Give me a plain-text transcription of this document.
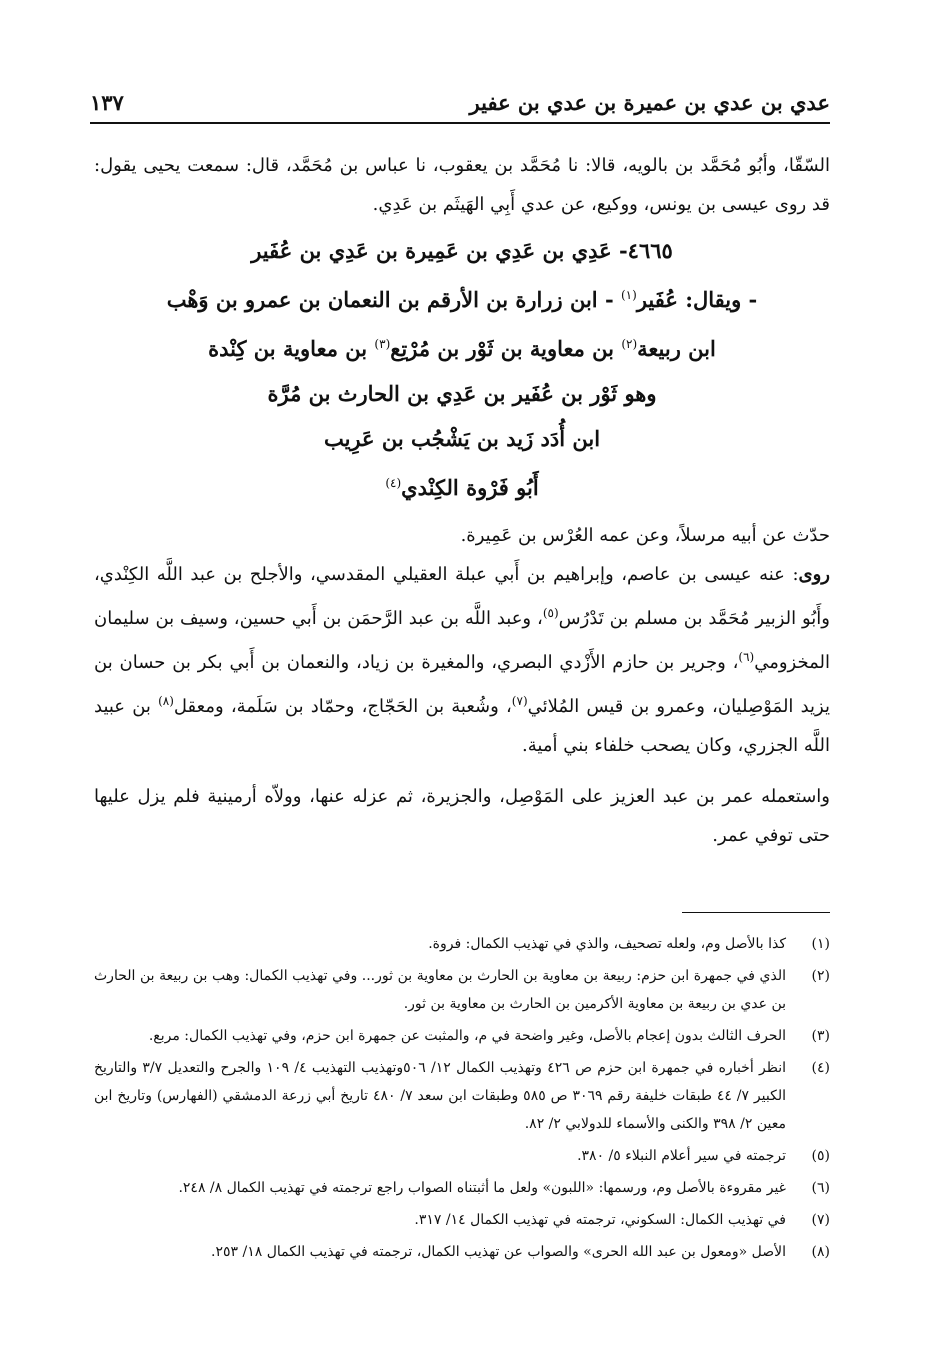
عدي بن عدي بن عميرة بن عدي بن عفير
١٣٧

السّقّا، وأبُو مُحَمَّد بن بالويه، قالا: نا مُحَمَّد بن يعقوب، نا عباس بن مُحَمَّد، قال: سمعت يحيى يقول: قد روى عيسى بن يونس، ووكيع، عن عدي أَبِي الهَيثَم بن عَدِي.

٤٦٦٥- عَدِي بن عَدِي بن عَمِيرة بن عَدِي بن عُفَير
- ويقال: عُفَير$^{(١)}$ - ابن زرارة بن الأرقم بن النعمان بن عمرو بن وَهْب
ابن ربيعة$^{(٢)}$ بن معاوية بن ثَوْر بن مُرْتِع$^{(٣)}$ بن معاوية بن كِنْدة
وهو ثَوْر بن عُفَير بن عَدِي بن الحارث بن مُرَّة
ابن أُدَد زَيد بن يَشْجُب بن عَرِيب
أَبُو فَرْوة الكِنْدي$^{(٤)}$

حدّث عن أبيه مرسلاً، وعن عمه العُرْس بن عَمِيرة.

روى: عنه عيسى بن عاصم، وإبراهيم بن أَبي عبلة العقيلي المقدسي، والأجلح بن عبد اللَّه الكِنْدي، وأَبُو الزبير مُحَمَّد بن مسلم بن تَدْرُس$^{(٥)}$، وعبد اللَّه بن عبد الرَّحمَن بن أَبي حسين، وسيف بن سليمان المخزومي$^{(٦)}$، وجرير بن حازم الأَزْدي البصري، والمغيرة بن زياد، والنعمان بن أَبي بكر بن حسان بن يزيد المَوْصِليان، وعمرو بن قيس المُلائي$^{(٧)}$، وشُعبة بن الحَجّاج، وحمّاد بن سَلَمة، ومعقل$^{(٨)}$ بن عبيد اللَّه الجزري، وكان يصحب خلفاء بني أمية.

واستعمله عمر بن عبد العزيز على المَوْصِل، والجزيرة، ثم عزله عنها، وولاّه أرمينية فلم يزل عليها حتى توفي عمر.

(١)
كذا بالأصل وم، ولعله تصحيف، والذي في تهذيب الكمال: فروة.
(٢)
الذي في جمهرة ابن حزم: ربيعة بن معاوية بن الحارث بن معاوية بن ثور... وفي تهذيب الكمال: وهب بن ربيعة بن الحارث بن عدي بن ربيعة بن معاوية الأكرمين بن الحارث بن معاوية بن ثور.
(٣)
الحرف الثالث بدون إعجام بالأصل، وغير واضحة في م، والمثبت عن جمهرة ابن حزم، وفي تهذيب الكمال: مربع.
(٤)
انظر أخباره في جمهرة ابن حزم ص ٤٢٦ وتهذيب الكمال ١٢/ ٥٠٦وتهذيب التهذيب ٤/ ١٠٩ والجرح والتعديل ٣/٧ والتاريخ الكبير ٧/ ٤٤ طبقات خليفة رقم ٣٠٦٩ ص ٥٨٥ وطبقات ابن سعد ٧/ ٤٨٠ تاريخ أبي زرعة الدمشقي (الفهارس) وتاريخ ابن معين ٢/ ٣٩٨ والكنى والأسماء للدولابي ٢/ ٨٢.
(٥)
ترجمته في سير أعلام النبلاء ٥/ ٣٨٠.
(٦)
غير مقروءة بالأصل وم، ورسمها: «اللبون» ولعل ما أثبتناه الصواب راجع ترجمته في تهذيب الكمال ٨/ ٢٤٨.
(٧)
في تهذيب الكمال: السكوني، ترجمته في تهذيب الكمال ١٤/ ٣١٧.
(٨)
الأصل «ومعول بن عبد الله الحرى» والصواب عن تهذيب الكمال، ترجمته في تهذيب الكمال ١٨/ ٢٥٣.
